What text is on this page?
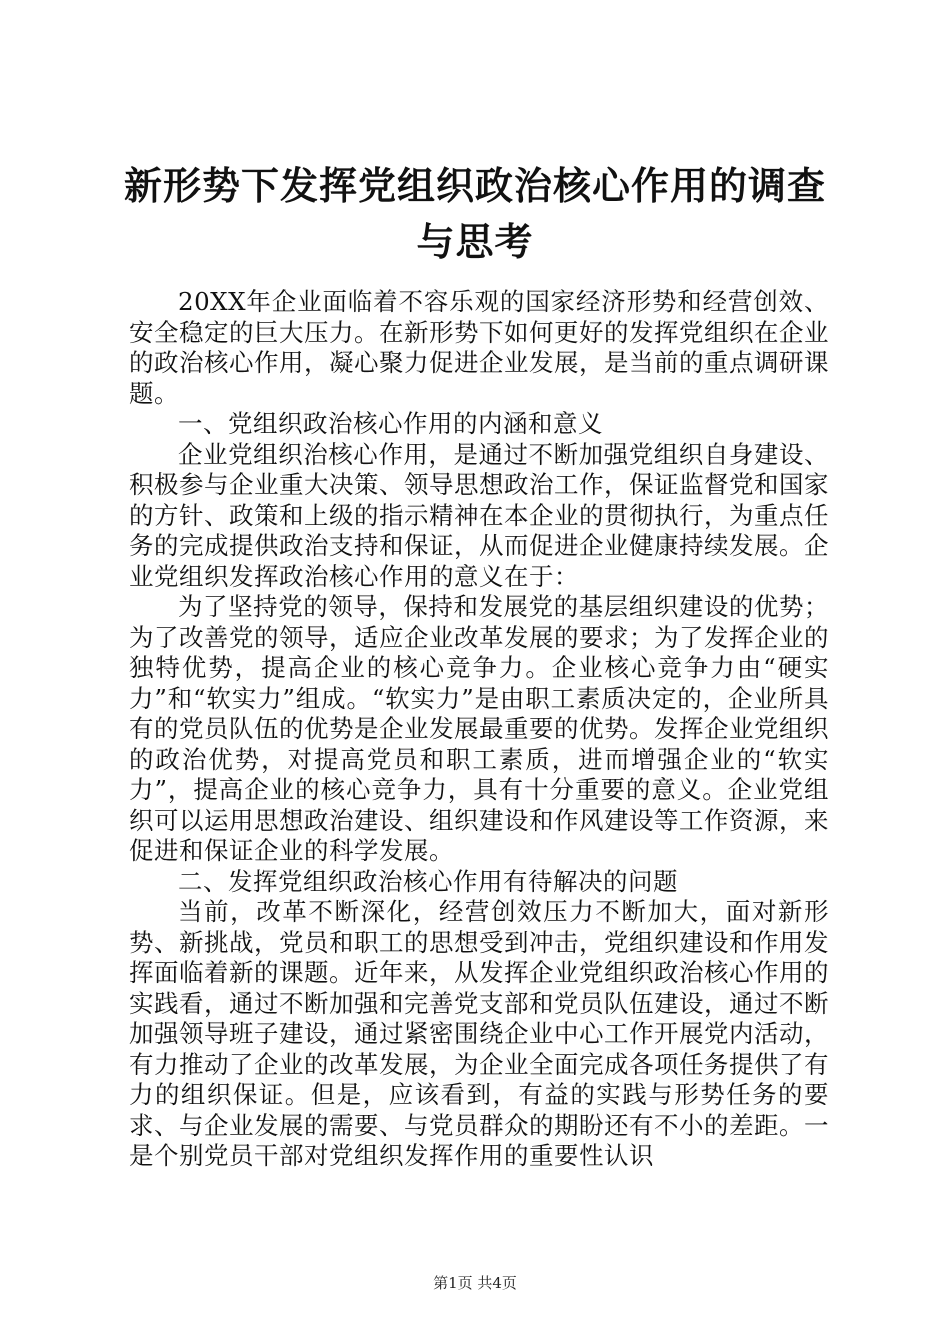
新形势下发挥党组织政治核心作用的调查与思考

20XX年企业面临着不容乐观的国家经济形势和经营创效、安全稳定的巨大压力。在新形势下如何更好的发挥党组织在企业的政治核心作用，凝心聚力促进企业发展，是当前的重点调研课题。

一、党组织政治核心作用的内涵和意义

企业党组织治核心作用，是通过不断加强党组织自身建设、积极参与企业重大决策、领导思想政治工作，保证监督党和国家的方针、政策和上级的指示精神在本企业的贯彻执行，为重点任务的完成提供政治支持和保证，从而促进企业健康持续发展。企业党组织发挥政治核心作用的意义在于：

为了坚持党的领导，保持和发展党的基层组织建设的优势；为了改善党的领导，适应企业改革发展的要求；为了发挥企业的独特优势，提高企业的核心竞争力。企业核心竞争力由“硬实力”和“软实力”组成。“软实力”是由职工素质决定的，企业所具有的党员队伍的优势是企业发展最重要的优势。发挥企业党组织的政治优势，对提高党员和职工素质，进而增强企业的“软实力”，提高企业的核心竞争力，具有十分重要的意义。企业党组织可以运用思想政治建设、组织建设和作风建设等工作资源，来促进和保证企业的科学发展。

二、发挥党组织政治核心作用有待解决的问题

当前，改革不断深化，经营创效压力不断加大，面对新形势、新挑战，党员和职工的思想受到冲击，党组织建设和作用发挥面临着新的课题。近年来，从发挥企业党组织政治核心作用的实践看，通过不断加强和完善党支部和党员队伍建设，通过不断加强领导班子建设，通过紧密围绕企业中心工作开展党内活动，有力推动了企业的改革发展，为企业全面完成各项任务提供了有力的组织保证。但是，应该看到，有益的实践与形势任务的要求、与企业发展的需要、与党员群众的期盼还有不小的差距。一是个别党员干部对党组织发挥作用的重要性认识

第1页 共4页
